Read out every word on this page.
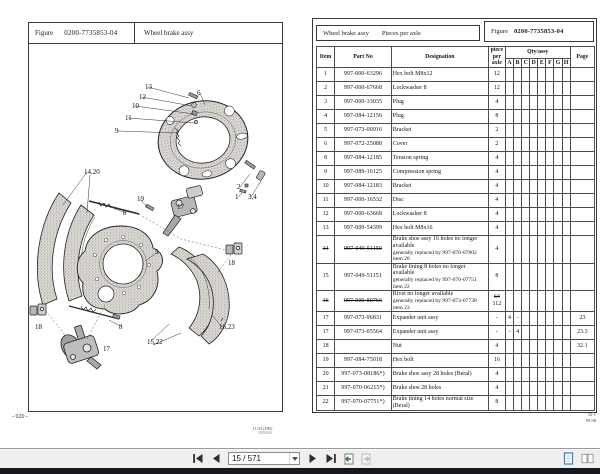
Figure 0200-7735853-04	Wheel brake assy
13
12
10
11
9
6
2
1 3,4
14,20
19
17
8
5
18
18	8
15,22
16,23
17
- 020 -
11.94 (DB)
Wheel brake assy Pieces per axle	Figure 0200-7735853-04
Item	Part No	Designation	piece per axle	Qty/assy								Page
				A	B	C	D	E	F	G	H	
1	997-000-63296	Hex bolt M8x12	12									
2	997-000-67668	Lockwasher 8	12									
3	997-000-33035	Plug	4									
4	997-084-12156	Plug	8									
5	997-073-00916	Bracket	2									
6	997-072-25088	Cover	2									
8	997-084-12185	Tension spring	4									
9	997-089-16125	Compression spring	4									
10	997-084-12183	Bracket	4									
11	997-000-16532	Disc	4									
12	997-000-63668	Lockwasher 8	4									
13	997-000-54399	Hex bolt M8x16	4									
14	997-049-51150	Brake shoe assy 16 holes no longer available
generally replaced by 997-070-07802 item 20	4									
15	997-049-51151	Brake lining 8 holes no longer available
generally replaced by 997-070-07751 item 22	8									
16	997-000-80766	Rivet no longer available
generally replaced by 997-073-07738 item 23	64
112									
17	997-073-96831	Expander unit assy	-	4	-							23
17	997-073-05564	Expander unit assy	-	-	4							23.3
18		Nut	4									32.1
19	997-084-75018	Hex bolt	16									
20	997-073-08186*)	Brake shoe assy 28 holes (Beral)	4									
21	997-070-06215*)	Brake shoe 28 holes	4									
22	997-070-07751*)	Brake lining 14 holes normal size (Beral)	8									
32-1
09.98
15 / 571
